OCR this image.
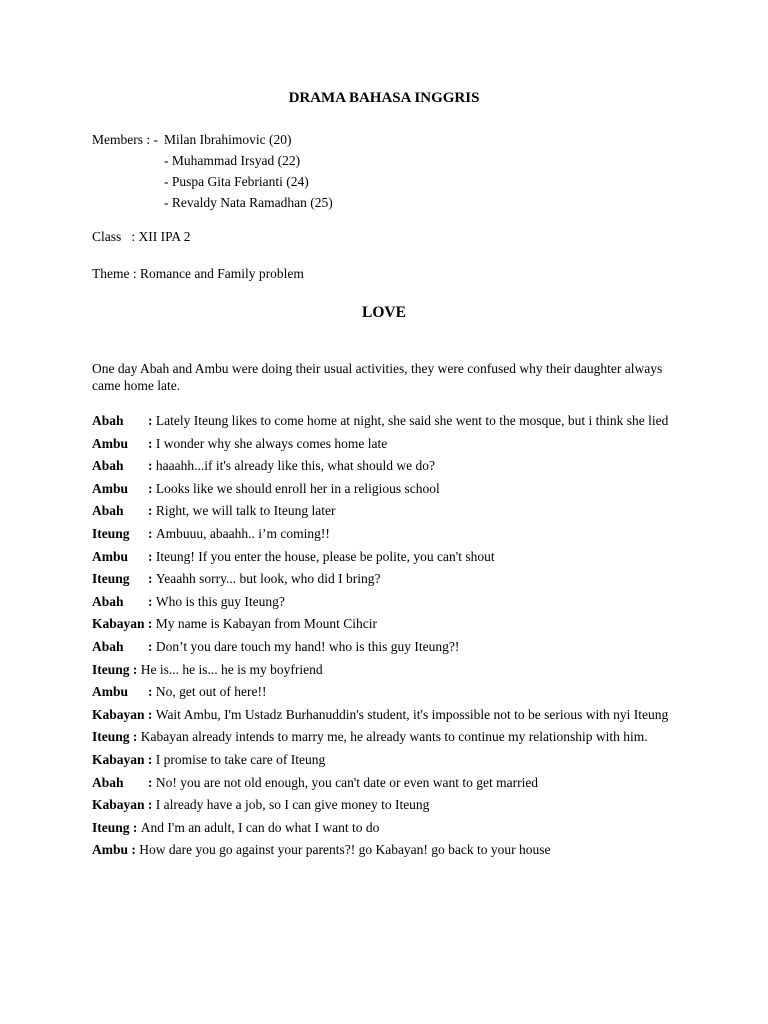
DRAMA BAHASA INGGRIS
Members : - Milan Ibrahimovic (20)
- Muhammad Irsyad (22)
- Puspa Gita Febrianti (24)
- Revaldy Nata Ramadhan (25)
Class   : XII IPA 2
Theme : Romance and Family problem
LOVE
One day Abah and Ambu were doing their usual activities, they were confused why their daughter always came home late.
Abah : Lately Iteung likes to come home at night, she said she went to the mosque, but i think she lied
Ambu : I wonder why she always comes home late
Abah : haaahh...if it's already like this, what should we do?
Ambu : Looks like we should enroll her in a religious school
Abah : Right, we will talk to Iteung later
Iteung : Ambuuu, abaahh.. i’m coming!!
Ambu : Iteung! If you enter the house, please be polite, you can't shout
Iteung : Yeaahh sorry... but look, who did I bring?
Abah : Who is this guy Iteung?
Kabayan : My name is Kabayan from Mount Cihcir
Abah : Don’t you dare touch my hand! who is this guy Iteung?!
Iteung : He is... he is... he is my boyfriend
Ambu : No, get out of here!!
Kabayan : Wait Ambu, I'm Ustadz Burhanuddin's student, it's impossible not to be serious with nyi Iteung
Iteung : Kabayan already intends to marry me, he already wants to continue my relationship with him.
Kabayan : I promise to take care of Iteung
Abah : No! you are not old enough, you can't date or even want to get married
Kabayan : I already have a job, so I can give money to Iteung
Iteung : And I'm an adult, I can do what I want to do
Ambu : How dare you go against your parents?! go Kabayan! go back to your house
